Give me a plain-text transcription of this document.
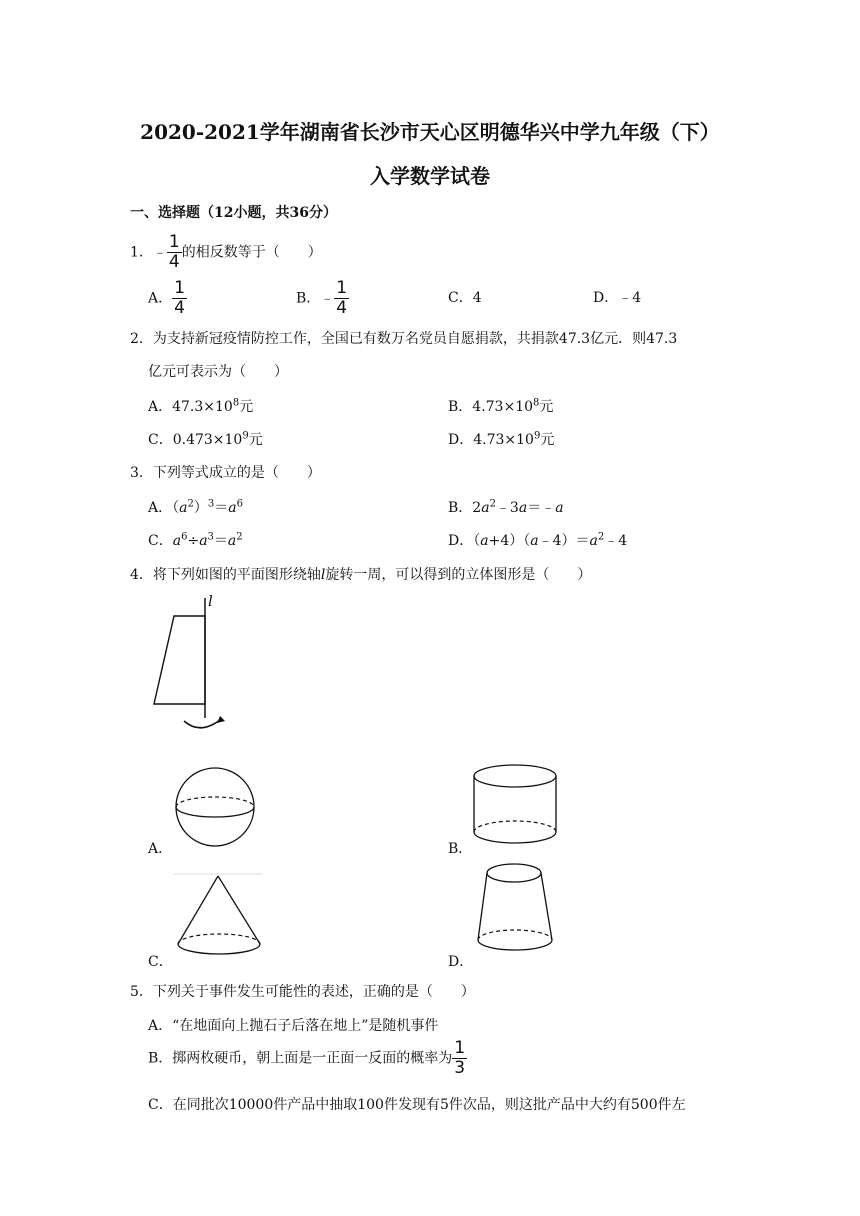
2020-2021学年湖南省长沙市天心区明德华兴中学九年级（下）
入学数学试卷
一、选择题（12小题，共36分）
1．﹣ $\frac{1}{4}$ 的相反数等于（　　）
A． $\frac{1}{4}$	B．﹣ $\frac{1}{4}$	C．4	D．﹣4
2．为支持新冠疫情防控工作，全国已有数万名党员自愿捐款，共捐款47.3亿元．则47.3
亿元可表示为（　　）
A．$47.3\times 10^8$元	B．$4.73\times 10^8$元
C．$0.473\times 10^9$元	D．$4.73\times 10^9$元
3．下列等式成立的是（　　）
A．$(a^2)^3=a^6$	B．$2a^2﹣3a=﹣a$
C．$a^6\div a^3=a^2$	D．$(a+4)(a﹣4)=a^2﹣4$
4．将下列如图的平面图形绕轴l旋转一周，可以得到的立体图形是（　　）
l
A．	B．
C．	D．
5．下列关于事件发生可能性的表述，正确的是（　　）
A．“在地面向上抛石子后落在地上”是随机事件
B．掷两枚硬币，朝上面是一正面一反面的概率为 $\frac{1}{3}$
C．在同批次10000件产品中抽取100件发现有5件次品，则这批产品中大约有500件左
